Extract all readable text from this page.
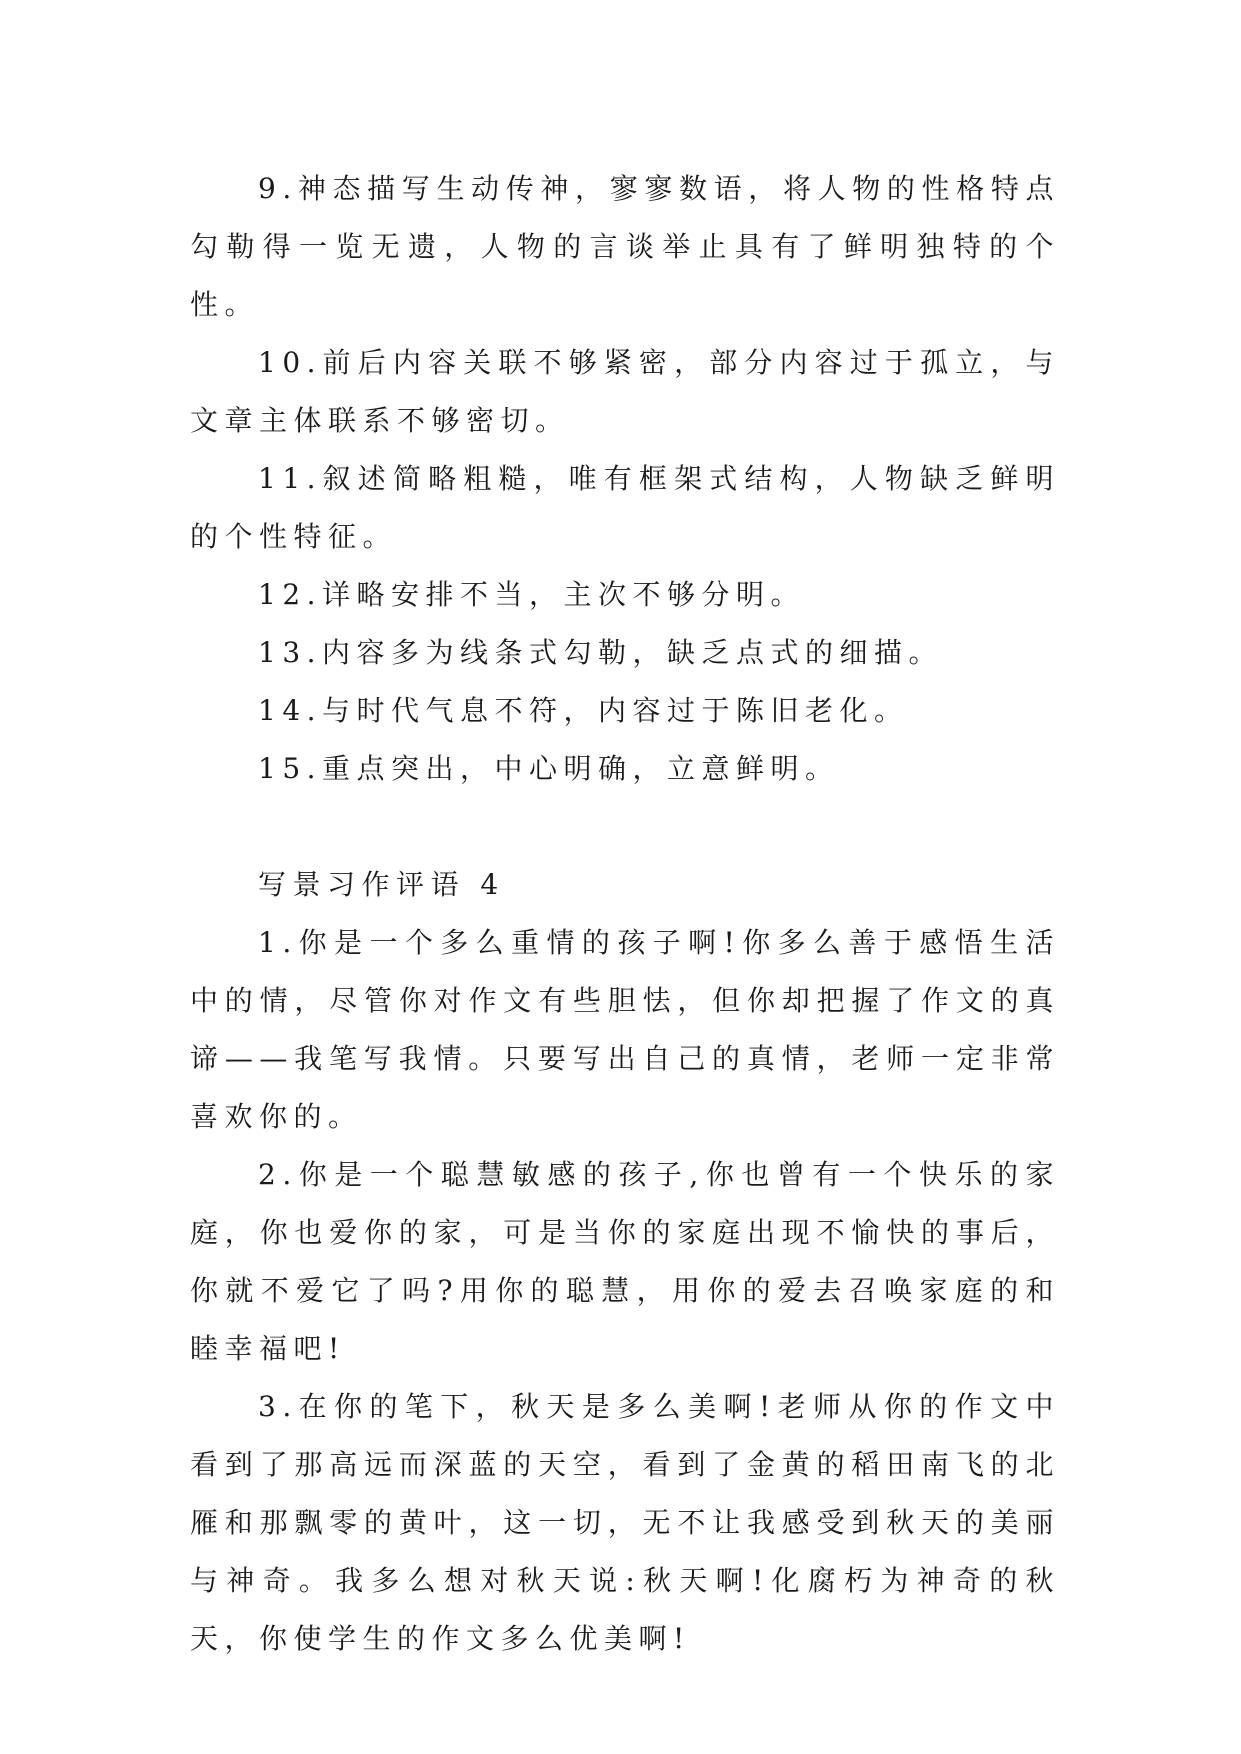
9.神态描写生动传神，寥寥数语，将人物的性格特点勾勒得一览无遗，人物的言谈举止具有了鲜明独特的个性。

10.前后内容关联不够紧密，部分内容过于孤立，与文章主体联系不够密切。

11.叙述简略粗糙，唯有框架式结构，人物缺乏鲜明的个性特征。

12.详略安排不当，主次不够分明。

13.内容多为线条式勾勒，缺乏点式的细描。

14.与时代气息不符，内容过于陈旧老化。

15.重点突出，中心明确，立意鲜明。

写景习作评语 4

1.你是一个多么重情的孩子啊!你多么善于感悟生活中的情，尽管你对作文有些胆怯，但你却把握了作文的真谛——我笔写我情。只要写出自己的真情，老师一定非常喜欢你的。

2.你是一个聪慧敏感的孩子,你也曾有一个快乐的家庭，你也爱你的家，可是当你的家庭出现不愉快的事后，你就不爱它了吗?用你的聪慧，用你的爱去召唤家庭的和睦幸福吧!

3.在你的笔下，秋天是多么美啊!老师从你的作文中看到了那高远而深蓝的天空，看到了金黄的稻田南飞的北雁和那飘零的黄叶，这一切，无不让我感受到秋天的美丽与神奇。我多么想对秋天说:秋天啊!化腐朽为神奇的秋天，你使学生的作文多么优美啊!
